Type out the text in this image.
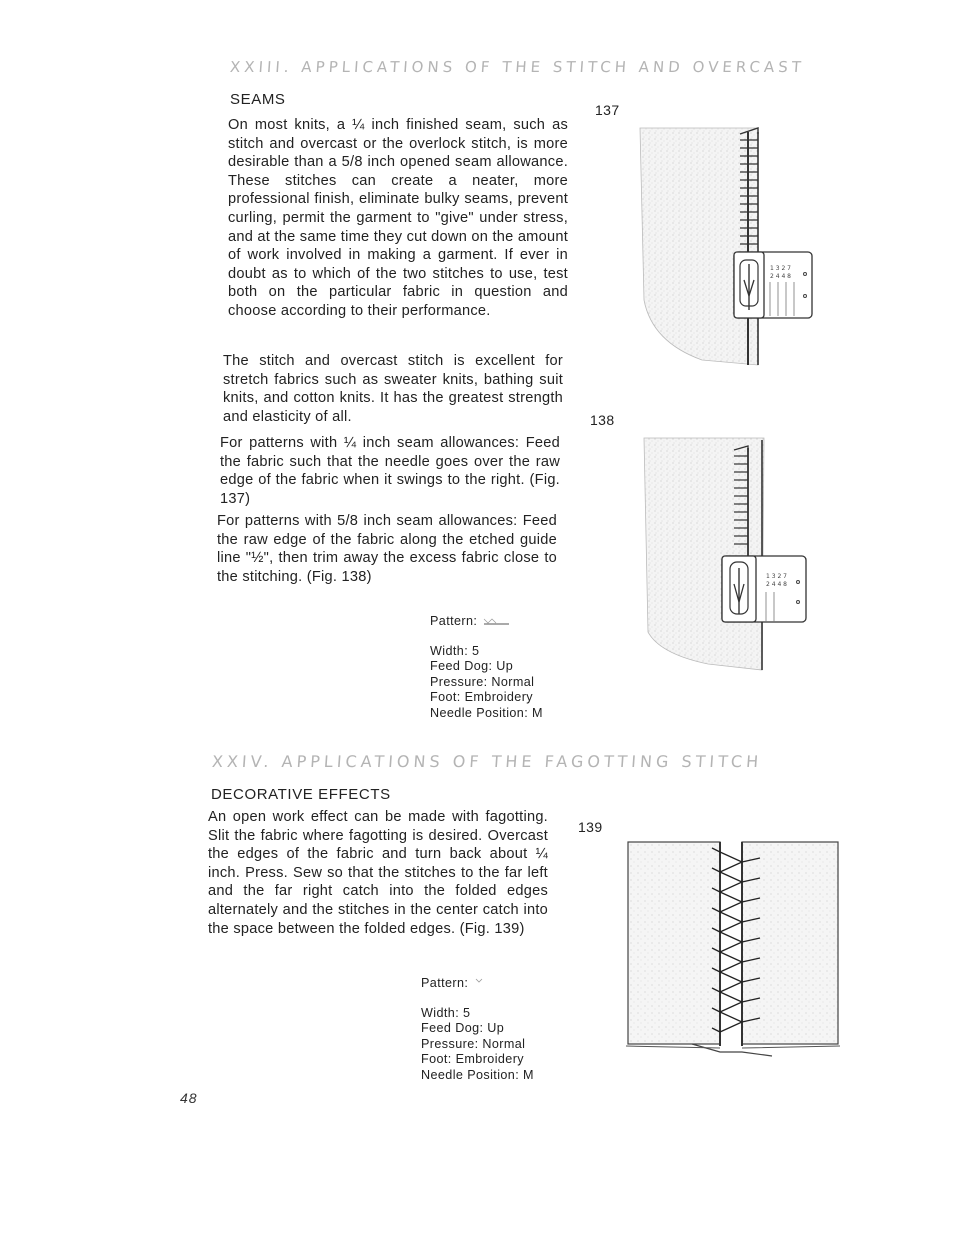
XXIII. APPLICATIONS OF THE STITCH AND OVERCAST
SEAMS

On most knits, a ¼ inch finished seam, such as stitch and overcast or the overlock stitch, is more desirable than a 5/8 inch opened seam allowance. These stitches can create a neater, more professional finish, eliminate bulky seams, prevent curling, permit the garment to "give" under stress, and at the same time they cut down on the amount of work involved in making a garment. If ever in doubt as to which of the two stitches to use, test both on the particular fabric in question and choose according to their performance.

The stitch and overcast stitch is excellent for stretch fabrics such as sweater knits, bathing suit knits, and cotton knits. It has the greatest strength and elasticity of all.

For patterns with ¼ inch seam allowances: Feed the fabric such that the needle goes over the raw edge of the fabric when it swings to the right. (Fig. 137)

For patterns with 5/8 inch seam allowances: Feed the raw edge of the fabric along the etched guide line "½", then trim away the excess fabric close to the stitching. (Fig. 138)

Pattern:
Width: 5
Feed Dog: Up
Pressure: Normal
Foot: Embroidery
Needle Position: M
137
1 3 2 7
2 4 4 8
138
1 3 2 7
2 4 4 8
XXIV. APPLICATIONS OF THE FAGOTTING STITCH
DECORATIVE EFFECTS

An open work effect can be made with fagotting. Slit the fabric where fagotting is desired. Overcast the edges of the fabric and turn back about ¼ inch. Press. Sew so that the stitches to the far left and the far right catch into the folded edges alternately and the stitches in the center catch into the space between the folded edges. (Fig. 139)

Pattern:
Width: 5
Feed Dog: Up
Pressure: Normal
Foot: Embroidery
Needle Position: M
139
48
